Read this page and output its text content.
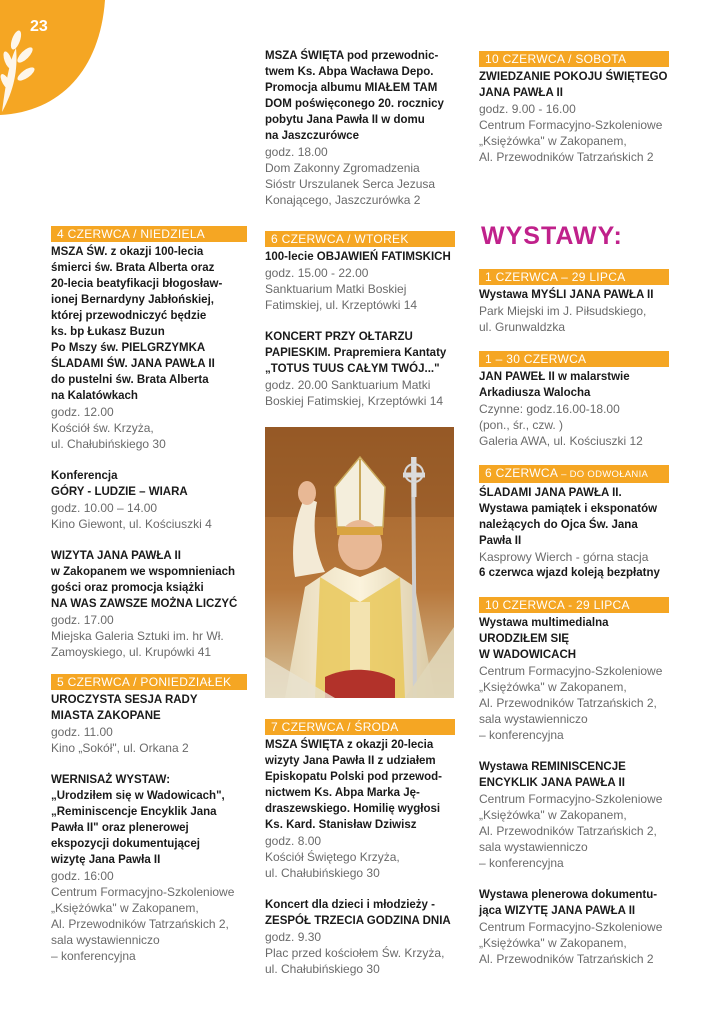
23
4 CZERWCA / NIEDZIELA
MSZA ŚW. z okazji 100-lecia
śmierci św. Brata Alberta oraz
20-lecia beatyfikacji błogosław-
ionej Bernardyny Jabłońskiej,
której przewodniczyć będzie
ks. bp Łukasz Buzun
Po Mszy św. PIELGRZYMKA
ŚLADAMI ŚW. JANA PAWŁA II
do pustelni św. Brata Alberta
na Kalatówkach
godz. 12.00
Kościół św. Krzyża,
ul. Chałubińskiego 30
Konferencja
GÓRY - LUDZIE – WIARA
godz. 10.00 – 14.00
Kino Giewont, ul. Kościuszki 4
WIZYTA JANA PAWŁA II
w Zakopanem we wspomnieniach
gości oraz promocja książki
NA WAS ZAWSZE MOŻNA LICZYĆ
godz. 17.00
Miejska Galeria Sztuki im. hr Wł.
Zamoyskiego, ul. Krupówki 41
5 CZERWCA / PONIEDZIAŁEK
UROCZYSTA SESJA RADY
MIASTA ZAKOPANE
godz. 11.00
Kino „Sokół", ul. Orkana 2
WERNISAŻ WYSTAW:
„Urodziłem się w Wadowicach",
„Reminiscencje Encyklik Jana
Pawła II" oraz plenerowej
ekspozycji dokumentującej
wizytę Jana Pawła II
godz. 16:00
Centrum Formacyjno-Szkoleniowe
„Księżówka" w Zakopanem,
Al. Przewodników Tatrzańskich 2,
sala wystawienniczo
– konferencyjna
MSZA ŚWIĘTA pod przewodnic-
twem Ks. Abpa Wacława Depo.
Promocja albumu MIAŁEM TAM
DOM poświęconego 20. rocznicy
pobytu Jana Pawła II w domu
na Jaszczurówce
godz. 18.00
Dom Zakonny Zgromadzenia
Sióstr Urszulanek Serca Jezusa
Konającego, Jaszczurówka 2
6 CZERWCA / WTOREK
100-lecie OBJAWIEŃ FATIMSKICH
godz. 15.00 - 22.00
Sanktuarium Matki Boskiej
Fatimskiej, ul. Krzeptówki 14
KONCERT PRZY OŁTARZU
PAPIESKIM. Prapremiera Kantaty
„TOTUS TUUS CAŁYM TWÓJ..."
godz. 20.00 Sanktuarium Matki
Boskiej Fatimskiej, Krzeptówki 14
7 CZERWCA / ŚRODA
MSZA ŚWIĘTA z okazji 20-lecia
wizyty Jana Pawła II z udziałem
Episkopatu Polski pod przewod-
nictwem Ks. Abpa Marka Ję-
draszewskiego. Homilię wygłosi
Ks. Kard. Stanisław Dziwisz
godz. 8.00
Kościół Świętego Krzyża,
ul. Chałubińskiego 30
Koncert dla dzieci i młodzieży -
ZESPÓŁ TRZECIA GODZINA DNIA
godz. 9.30
Plac przed kościołem Św. Krzyża,
ul. Chałubińskiego 30
10 CZERWCA / SOBOTA
ZWIEDZANIE POKOJU ŚWIĘTEGO
JANA PAWŁA II
godz. 9.00 - 16.00
Centrum Formacyjno-Szkoleniowe
„Księżówka" w Zakopanem,
Al. Przewodników Tatrzańskich 2
WYSTAWY:
1 CZERWCA – 29 LIPCA
Wystawa MYŚLI JANA PAWŁA II
Park Miejski im J. Piłsudskiego,
ul. Grunwaldzka
1 – 30 CZERWCA
JAN PAWEŁ II w malarstwie
Arkadiusza Walocha
Czynne: godz.16.00-18.00
(pon., śr., czw. )
Galeria AWA, ul. Kościuszki 12
6 CZERWCA – DO ODWOŁANIA
ŚLADAMI JANA PAWŁA II.
Wystawa pamiątek i eksponatów
należących do Ojca Św. Jana
Pawła II
Kasprowy Wierch - górna stacja
6 czerwca wjazd koleją bezpłatny
10 CZERWCA - 29 LIPCA
Wystawa multimedialna
URODZIŁEM SIĘ
W WADOWICACH
Centrum Formacyjno-Szkoleniowe
„Księżówka" w Zakopanem,
Al. Przewodników Tatrzańskich 2,
sala wystawienniczo
– konferencyjna
Wystawa REMINISCENCJE
ENCYKLIK JANA PAWŁA II
Centrum Formacyjno-Szkoleniowe
„Księżówka" w Zakopanem,
Al. Przewodników Tatrzańskich 2,
sala wystawienniczo
– konferencyjna
Wystawa plenerowa dokumentu-
jąca WIZYTĘ JANA PAWŁA II
Centrum Formacyjno-Szkoleniowe
„Księżówka" w Zakopanem,
Al. Przewodników Tatrzańskich 2
